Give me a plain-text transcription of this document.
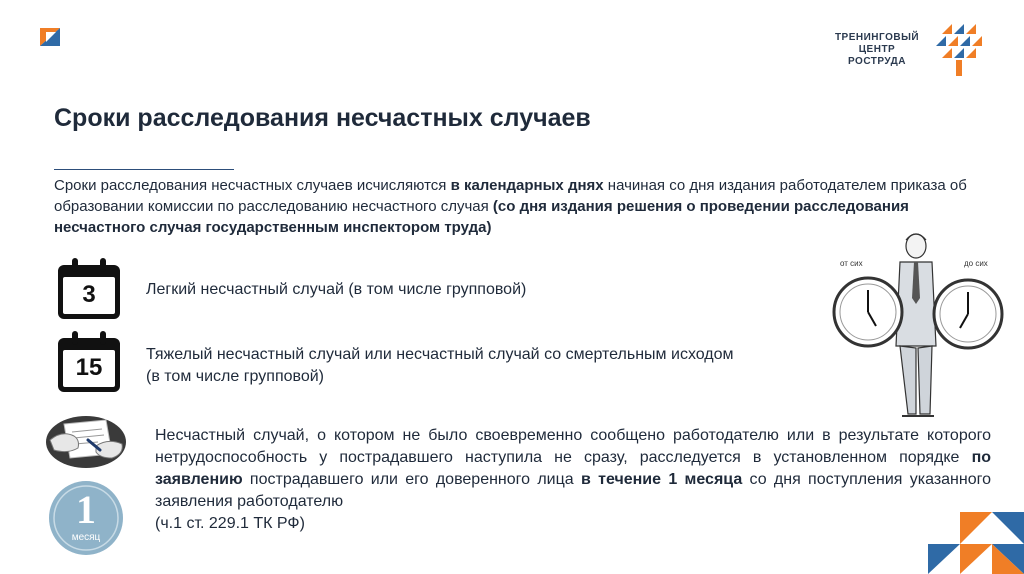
ТРЕНИНГОВЫЙ
ЦЕНТР
РОСТРУДА
Сроки расследования несчастных случаев

Сроки расследования несчастных случаев исчисляются в календарных днях начиная со дня издания работодателем приказа об образовании комиссии по расследованию несчастного случая (со дня издания решения о проведении расследования несчастного случая государственным инспектором труда)

3	Легкий несчастный случай (в том числе групповой)
15	Тяжелый несчастный случай или несчастный случай со смертельным исходом
(в том числе групповой)
1
месяц

Несчастный случай, о котором не было своевременно сообщено работодателю или в результате которого нетрудоспособность у пострадавшего наступила не сразу, расследуется в установленном порядке по заявлению пострадавшего или его доверенного лица в течение 1 месяца со дня поступления указанного заявления работодателю
(ч.1 ст. 229.1 ТК РФ)

от сих	до сих
